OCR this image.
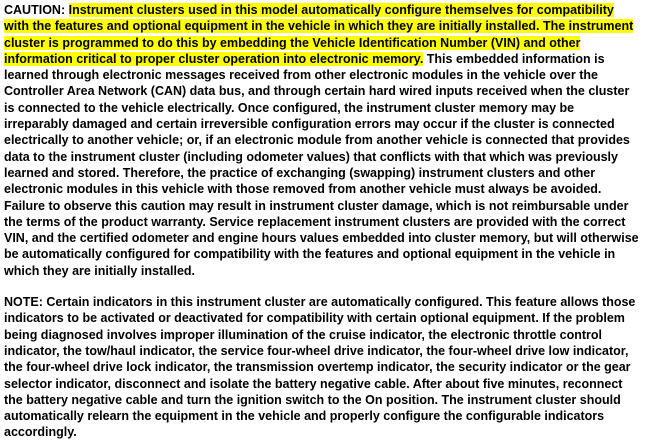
CAUTION: Instrument clusters used in this model automatically configure themselves for compatibility with the features and optional equipment in the vehicle in which they are initially installed. The instrument cluster is programmed to do this by embedding the Vehicle Identification Number (VIN) and other information critical to proper cluster operation into electronic memory. This embedded information is learned through electronic messages received from other electronic modules in the vehicle over the Controller Area Network (CAN) data bus, and through certain hard wired inputs received when the cluster is connected to the vehicle electrically. Once configured, the instrument cluster memory may be irreparably damaged and certain irreversible configuration errors may occur if the cluster is connected electrically to another vehicle; or, if an electronic module from another vehicle is connected that provides data to the instrument cluster (including odometer values) that conflicts with that which was previously learned and stored. Therefore, the practice of exchanging (swapping) instrument clusters and other electronic modules in this vehicle with those removed from another vehicle must always be avoided. Failure to observe this caution may result in instrument cluster damage, which is not reimbursable under the terms of the product warranty. Service replacement instrument clusters are provided with the correct VIN, and the certified odometer and engine hours values embedded into cluster memory, but will otherwise be automatically configured for compatibility with the features and optional equipment in the vehicle in which they are initially installed.

NOTE: Certain indicators in this instrument cluster are automatically configured. This feature allows those indicators to be activated or deactivated for compatibility with certain optional equipment. If the problem being diagnosed involves improper illumination of the cruise indicator, the electronic throttle control indicator, the tow/haul indicator, the service four-wheel drive indicator, the four-wheel drive low indicator, the four-wheel drive lock indicator, the transmission overtemp indicator, the security indicator or the gear selector indicator, disconnect and isolate the battery negative cable. After about five minutes, reconnect the battery negative cable and turn the ignition switch to the On position. The instrument cluster should automatically relearn the equipment in the vehicle and properly configure the configurable indicators accordingly.
